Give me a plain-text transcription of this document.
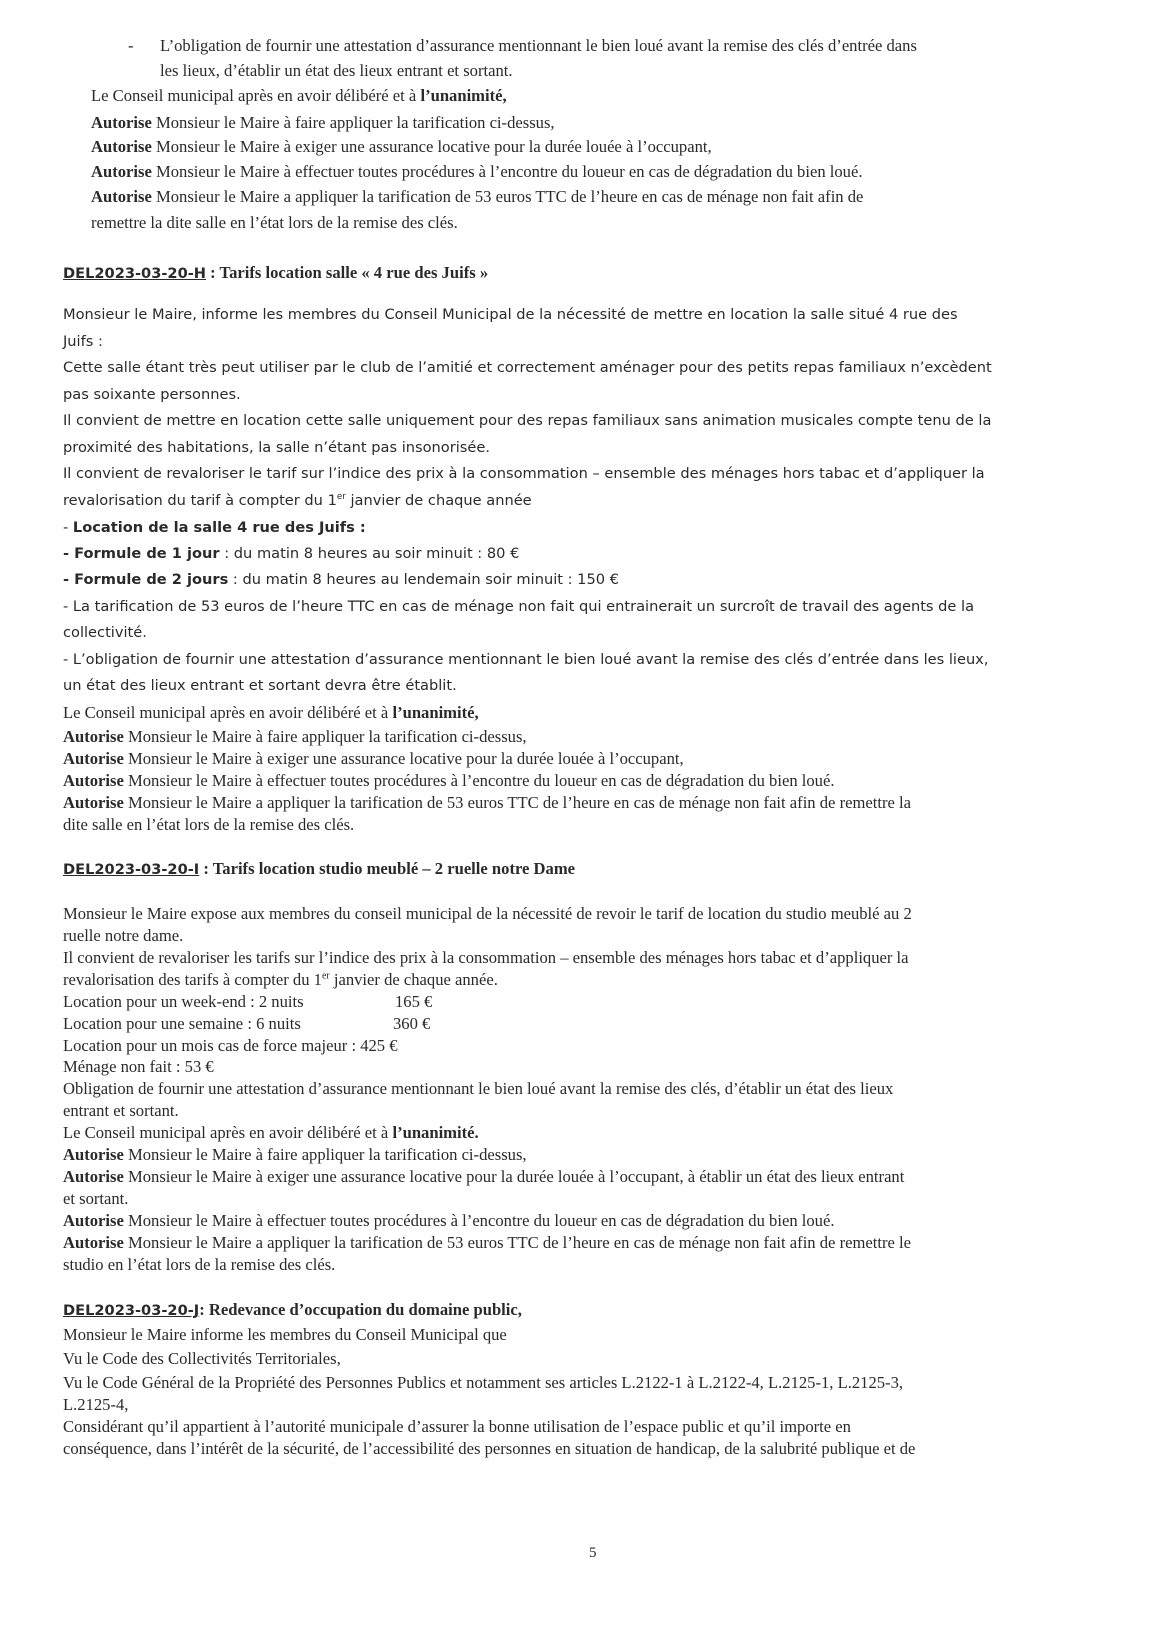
- L’obligation de fournir une attestation d’assurance mentionnant le bien loué avant la remise des clés d’entrée dans
les lieux, d’établir un état des lieux entrant et sortant.
Le Conseil municipal après en avoir délibéré et à l’unanimité,
Autorise Monsieur le Maire à faire appliquer la tarification ci-dessus,
Autorise Monsieur le Maire à exiger une assurance locative pour la durée louée à l’occupant,
Autorise Monsieur le Maire à effectuer toutes procédures à l’encontre du loueur en cas de dégradation du bien loué.
Autorise Monsieur le Maire a appliquer la tarification de 53 euros TTC de l’heure en cas de ménage non fait afin de
remettre la dite salle en l’état lors de la remise des clés.
DEL2023-03-20-H : Tarifs location salle « 4 rue des Juifs »
Monsieur le Maire, informe les membres du Conseil Municipal de la nécessité de mettre en location la salle situé 4 rue des
Juifs :
Cette salle étant très peut utiliser par le club de l’amitié et correctement aménager pour des petits repas familiaux n’excèdent
pas soixante personnes.
Il convient de mettre en location cette salle uniquement pour des repas familiaux sans animation musicales compte tenu de la
proximité des habitations, la salle n’étant pas insonorisée.
Il convient de revaloriser le tarif sur l’indice des prix à la consommation – ensemble des ménages hors tabac et d’appliquer la
revalorisation du tarif à compter du 1er janvier de chaque année
- Location de la salle 4 rue des Juifs :
- Formule de 1 jour : du matin 8 heures au soir minuit : 80 €
- Formule de 2 jours : du matin 8 heures au lendemain soir minuit : 150 €
- La tarification de 53 euros de l’heure TTC en cas de ménage non fait qui entrainerait un surcroît de travail des agents de la
collectivité.
- L’obligation de fournir une attestation d’assurance mentionnant le bien loué avant la remise des clés d’entrée dans les lieux,
un état des lieux entrant et sortant devra être établit.
Le Conseil municipal après en avoir délibéré et à l’unanimité,
Autorise Monsieur le Maire à faire appliquer la tarification ci-dessus,
Autorise Monsieur le Maire à exiger une assurance locative pour la durée louée à l’occupant,
Autorise Monsieur le Maire à effectuer toutes procédures à l’encontre du loueur en cas de dégradation du bien loué.
Autorise Monsieur le Maire a appliquer la tarification de 53 euros TTC de l’heure en cas de ménage non fait afin de remettre la
dite salle en l’état lors de la remise des clés.
DEL2023-03-20-I : Tarifs location studio meublé – 2 ruelle notre Dame
Monsieur le Maire expose aux membres du conseil municipal de la nécessité de revoir le tarif de location du studio meublé au 2
ruelle notre dame.
Il convient de revaloriser les tarifs sur l’indice des prix à la consommation – ensemble des ménages hors tabac et d’appliquer la
revalorisation des tarifs à compter du 1er janvier de chaque année.
Location pour un week-end : 2 nuits	165 €
Location pour une semaine : 6 nuits	360 €
Location pour un mois cas de force majeur : 425 €
Ménage non fait : 53 €
Obligation de fournir une attestation d’assurance mentionnant le bien loué avant la remise des clés, d’établir un état des lieux
entrant et sortant.
Le Conseil municipal après en avoir délibéré et à l’unanimité.
Autorise Monsieur le Maire à faire appliquer la tarification ci-dessus,
Autorise Monsieur le Maire à exiger une assurance locative pour la durée louée à l’occupant, à établir un état des lieux entrant
et sortant.
Autorise Monsieur le Maire à effectuer toutes procédures à l’encontre du loueur en cas de dégradation du bien loué.
Autorise Monsieur le Maire a appliquer la tarification de 53 euros TTC de l’heure en cas de ménage non fait afin de remettre le
studio en l’état lors de la remise des clés.
DEL2023-03-20-J: Redevance d’occupation du domaine public,
Monsieur le Maire informe les membres du Conseil Municipal que
Vu le Code des Collectivités Territoriales,
Vu le Code Général de la Propriété des Personnes Publics et notamment ses articles L.2122-1 à L.2122-4, L.2125-1, L.2125-3,
L.2125-4,
Considérant qu’il appartient à l’autorité municipale d’assurer la bonne utilisation de l’espace public et qu’il importe en
conséquence, dans l’intérêt de la sécurité, de l’accessibilité des personnes en situation de handicap, de la salubrité publique et de
5
